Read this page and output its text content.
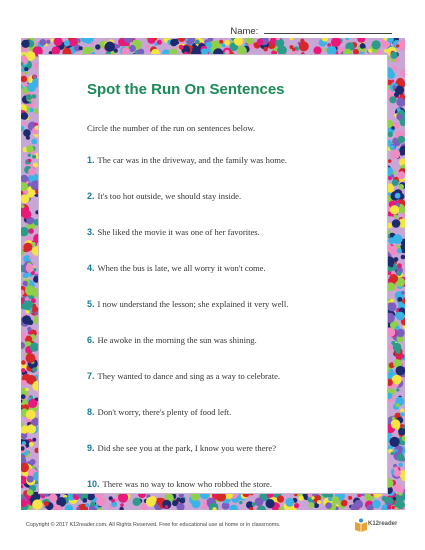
Name:
Spot the Run On Sentences
Circle the number of the run on sentences below.
1. The car was in the driveway, and the family was home.
2. It's too hot outside, we should stay inside.
3. She liked the movie it was one of her favorites.
4. When the bus is late, we all worry it won't come.
5. I now understand the lesson; she explained it very well.
6. He awoke in the morning the sun was shining.
7. They wanted to dance and sing as a way to celebrate.
8. Don't worry, there's plenty of food left.
9. Did she see you at the park, I know you were there?
10. There was no way to know who robbed the store.
Copyright © 2017 K12reader.com. All Rights Reserved. Free for educational use at home or in classrooms.	K12reader
